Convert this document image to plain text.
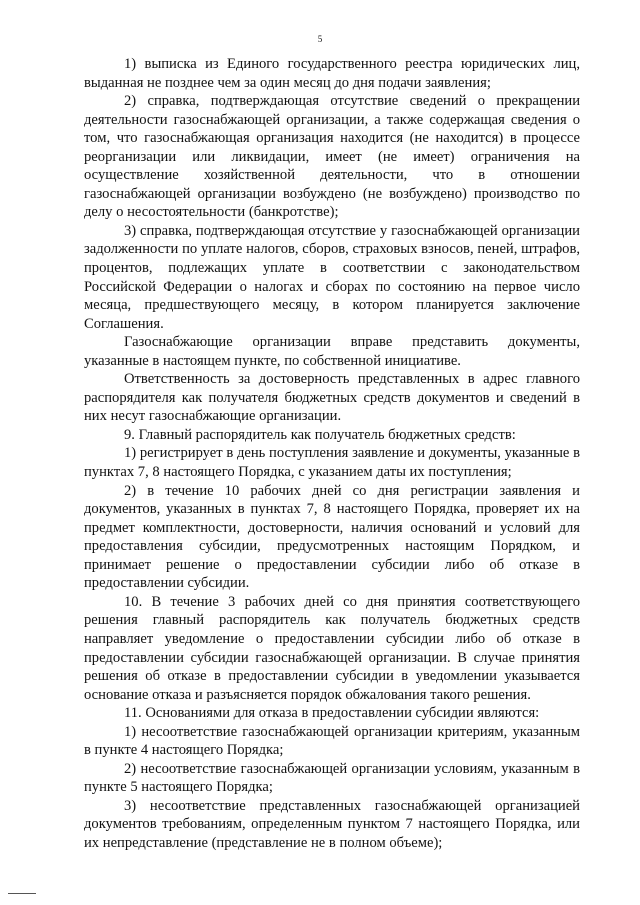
5

1) выписка из Единого государственного реестра юридических лиц, выданная не позднее чем за один месяц до дня подачи заявления;

2) справка, подтверждающая отсутствие сведений о прекращении деятельности газоснабжающей организации, а также содержащая сведения о том, что газоснабжающая организация находится (не находится) в процессе реорганизации или ликвидации, имеет (не имеет) ограничения на осуществление хозяйственной деятельности, что в отношении газоснабжающей организации возбуждено (не возбуждено) производство по делу о несостоятельности (банкротстве);

3) справка, подтверждающая отсутствие у газоснабжающей организации задолженности по уплате налогов, сборов, страховых взносов, пеней, штрафов, процентов, подлежащих уплате в соответствии с законодательством Российской Федерации о налогах и сборах по состоянию на первое число месяца, предшествующего месяцу, в котором планируется заключение Соглашения.

Газоснабжающие организации вправе представить документы, указанные в настоящем пункте, по собственной инициативе.

Ответственность за достоверность представленных в адрес главного распорядителя как получателя бюджетных средств документов и сведений в них несут газоснабжающие организации.

9. Главный распорядитель как получатель бюджетных средств:

1) регистрирует в день поступления заявление и документы, указанные в пунктах 7, 8 настоящего Порядка, с указанием даты их поступления;

2) в течение 10 рабочих дней со дня регистрации заявления и документов, указанных в пунктах 7, 8 настоящего Порядка, проверяет их на предмет комплектности, достоверности, наличия оснований и условий для предоставления субсидии, предусмотренных настоящим Порядком, и принимает решение о предоставлении субсидии либо об отказе в предоставлении субсидии.

10. В течение 3 рабочих дней со дня принятия соответствующего решения главный распорядитель как получатель бюджетных средств направляет уведомление о предоставлении субсидии либо об отказе в предоставлении субсидии газоснабжающей организации. В случае принятия решения об отказе в предоставлении субсидии в уведомлении указывается основание отказа и разъясняется порядок обжалования такого решения.

11. Основаниями для отказа в предоставлении субсидии являются:

1) несоответствие газоснабжающей организации критериям, указанным в пункте 4 настоящего Порядка;

2) несоответствие газоснабжающей организации условиям, указанным в пункте 5 настоящего Порядка;

3) несоответствие представленных газоснабжающей организацией документов требованиям, определенным пунктом 7 настоящего Порядка, или их непредставление (представление не в полном объеме);
